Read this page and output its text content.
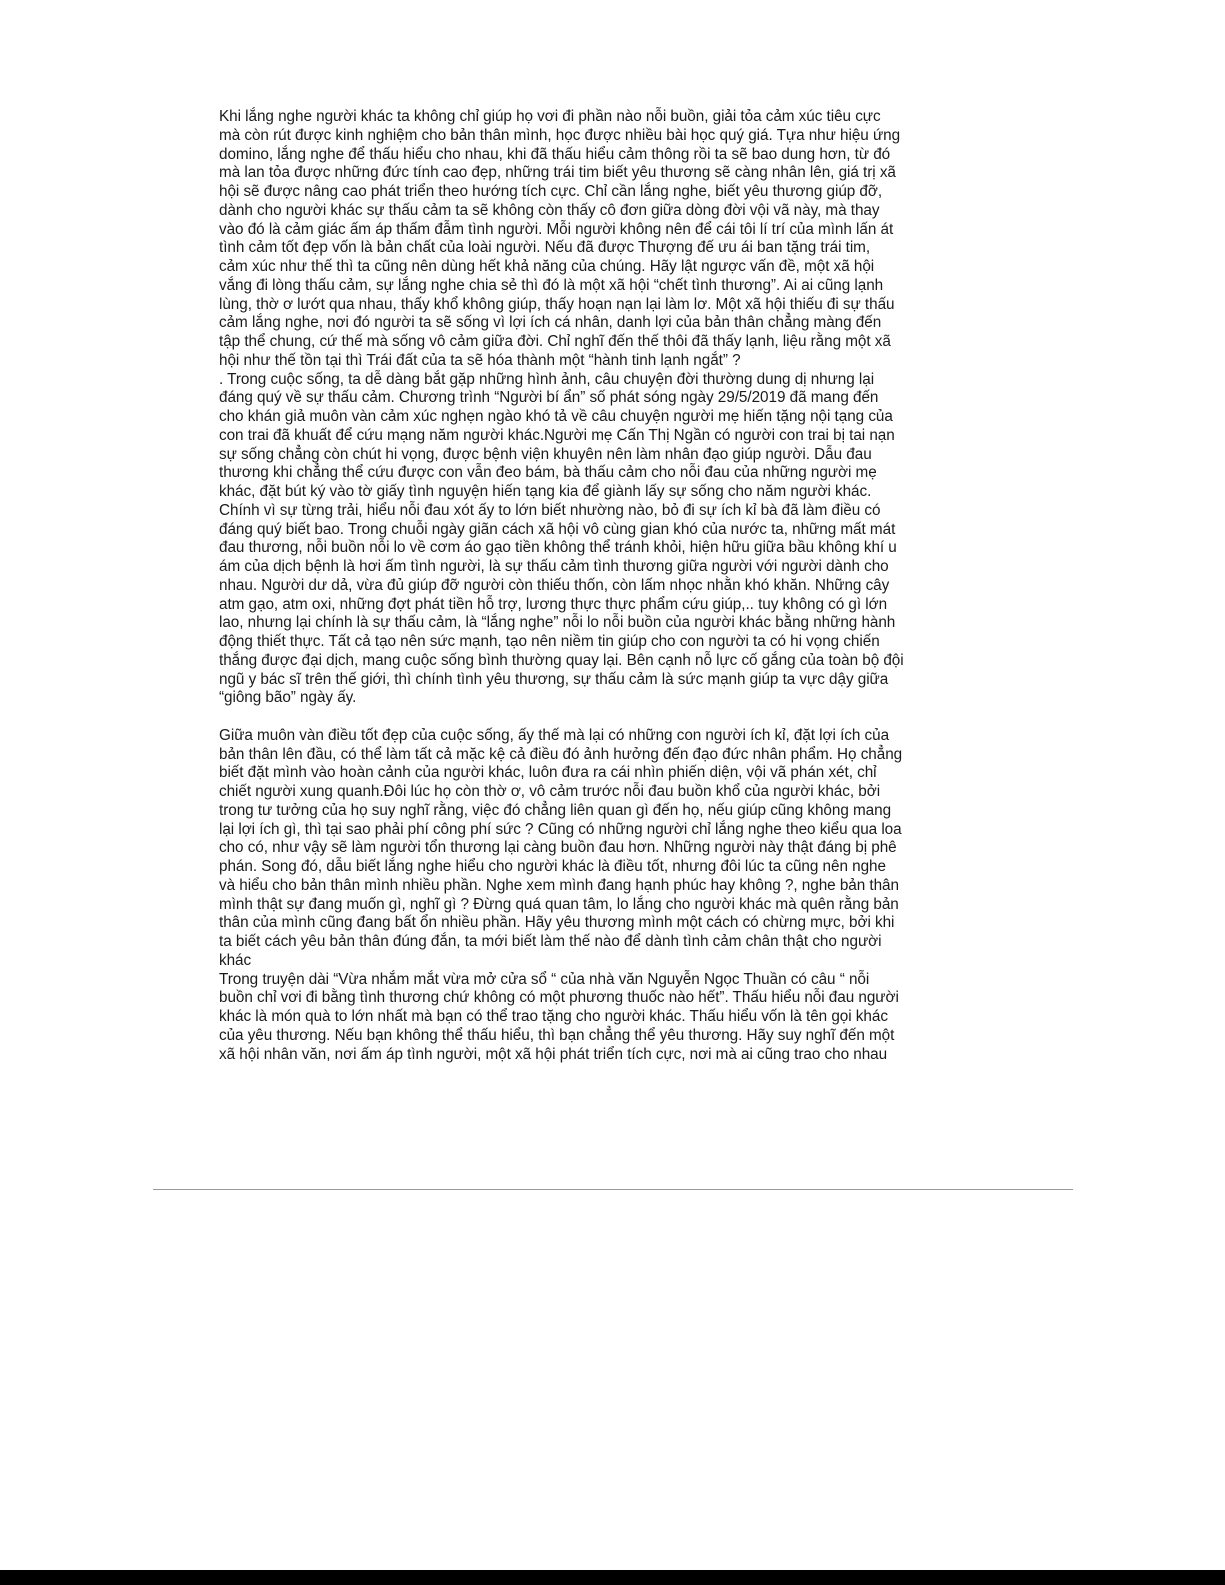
Khi lắng nghe người khác ta không chỉ giúp họ vơi đi phần nào nỗi buồn, giải tỏa cảm xúc tiêu cực
mà còn rút được kinh nghiệm cho bản thân mình, học được nhiều bài học quý giá. Tựa như hiệu ứng
domino, lắng nghe để thấu hiểu cho nhau, khi đã thấu hiểu cảm thông rồi ta sẽ bao dung hơn, từ đó
mà lan tỏa được những đức tính cao đẹp, những trái tim biết yêu thương sẽ càng nhân lên, giá trị xã
hội sẽ được nâng cao phát triển theo hướng tích cực. Chỉ cần lắng nghe, biết yêu thương giúp đỡ,
dành cho người khác sự thấu cảm ta sẽ không còn thấy cô đơn giữa dòng đời vội vã này, mà thay
vào đó là cảm giác ấm áp thấm đẫm tình người. Mỗi người không nên để cái tôi lí trí của mình lấn át
tình cảm tốt đẹp vốn là bản chất của loài người. Nếu đã được Thượng đế ưu ái ban tặng trái tim,
cảm xúc như thế thì ta cũng nên dùng hết khả năng của chúng. Hãy lật ngược vấn đề, một xã hội
vắng đi lòng thấu cảm, sự lắng nghe chia sẻ thì đó là một xã hội “chết tình thương”. Ai ai cũng lạnh
lùng, thờ ơ lướt qua nhau, thấy khổ không giúp, thấy hoạn nạn lại làm lơ. Một xã hội thiếu đi sự thấu
cảm lắng nghe, nơi đó người ta sẽ sống vì lợi ích cá nhân, danh lợi của bản thân chẳng màng đến
tập thể chung, cứ thế mà sống vô cảm giữa đời. Chỉ nghĩ đến thế thôi đã thấy lạnh, liệu rằng một xã
hội như thế tồn tại thì Trái đất của ta sẽ hóa thành một “hành tinh lạnh ngắt” ?
. Trong cuộc sống, ta dễ dàng bắt gặp những hình ảnh, câu chuyện đời thường dung dị nhưng lại
đáng quý về sự thấu cảm. Chương trình “Người bí ẩn” số phát sóng ngày 29/5/2019 đã mang đến
cho khán giả muôn vàn cảm xúc nghẹn ngào khó tả về câu chuyện người mẹ hiến tặng nội tạng của
con trai đã khuất để cứu mạng năm người khác.Người mẹ Cấn Thị Ngần có người con trai bị tai nạn
sự sống chẳng còn chút hi vọng, được bệnh viện khuyên nên làm nhân đạo giúp người. Dẫu đau
thương khi chẳng thể cứu được con vẫn đeo bám, bà thấu cảm cho nỗi đau của những người mẹ
khác, đặt bút ký vào tờ giấy tình nguyện hiến tạng kia để giành lấy sự sống cho năm người khác.
Chính vì sự từng trải, hiểu nỗi đau xót ấy to lớn biết nhường nào, bỏ đi sự ích kỉ bà đã làm điều có
đáng quý biết bao. Trong chuỗi ngày giãn cách xã hội vô cùng gian khó của nước ta, những mất mát
đau thương, nỗi buồn nỗi lo về cơm áo gạo tiền không thể tránh khỏi, hiện hữu giữa bầu không khí u
ám của dịch bệnh là hơi ấm tình người, là sự thấu cảm tình thương giữa người với người dành cho
nhau. Người dư dả, vừa đủ giúp đỡ người còn thiếu thốn, còn lấm nhọc nhằn khó khăn. Những cây
atm gạo, atm oxi, những đợt phát tiền hỗ trợ, lương thực thực phẩm cứu giúp,.. tuy không có gì lớn
lao, nhưng lại chính là sự thấu cảm, là “lắng nghe” nỗi lo nỗi buồn của người khác bằng những hành
động thiết thực. Tất cả tạo nên sức mạnh, tạo nên niềm tin giúp cho con người ta có hi vọng chiến
thắng được đại dịch, mang cuộc sống bình thường quay lại. Bên cạnh nỗ lực cố gắng của toàn bộ đội
ngũ y bác sĩ trên thế giới, thì chính tình yêu thương, sự thấu cảm là sức mạnh giúp ta vực dậy giữa
“giông bão” ngày ấy.
Giữa muôn vàn điều tốt đẹp của cuộc sống, ấy thế mà lại có những con người ích kỉ, đặt lợi ích của
bản thân lên đầu, có thể làm tất cả mặc kệ cả điều đó ảnh hưởng đến đạo đức nhân phẩm. Họ chẳng
biết đặt mình vào hoàn cảnh của người khác, luôn đưa ra cái nhìn phiến diện, vội vã phán xét, chỉ
chiết người xung quanh.Đôi lúc họ còn thờ ơ, vô cảm trước nỗi đau buồn khổ của người khác, bởi
trong tư tưởng của họ suy nghĩ rằng, việc đó chẳng liên quan gì đến họ, nếu giúp cũng không mang
lại lợi ích gì, thì tại sao phải phí công phí sức ? Cũng có những người chỉ lắng nghe theo kiểu qua loa
cho có, như vậy sẽ làm người tổn thương lại càng buồn đau hơn. Những người này thật đáng bị phê
phán. Song đó, dẫu biết lắng nghe hiểu cho người khác là điều tốt, nhưng đôi lúc ta cũng nên nghe
và hiểu cho bản thân mình nhiều phần. Nghe xem mình đang hạnh phúc hay không ?, nghe bản thân
mình thật sự đang muốn gì, nghĩ gì ? Đừng quá quan tâm, lo lắng cho người khác mà quên rằng bản
thân của mình cũng đang bất ổn nhiều phần. Hãy yêu thương mình một cách có chừng mực, bởi khi
ta biết cách yêu bản thân đúng đắn, ta mới biết làm thế nào để dành tình cảm chân thật cho người
khác
Trong truyện dài “Vừa nhắm mắt vừa mở cửa sổ “ của nhà văn Nguyễn Ngọc Thuần có câu “ nỗi
buồn chỉ vơi đi bằng tình thương chứ không có một phương thuốc nào hết”. Thấu hiểu nỗi đau người
khác là món quà to lớn nhất mà bạn có thể trao tặng cho người khác. Thấu hiểu vốn là tên gọi khác
của yêu thương. Nếu bạn không thể thấu hiểu, thì bạn chẳng thể yêu thương. Hãy suy nghĩ đến một
xã hội nhân văn, nơi ấm áp tình người, một xã hội phát triển tích cực, nơi mà ai cũng trao cho nhau
